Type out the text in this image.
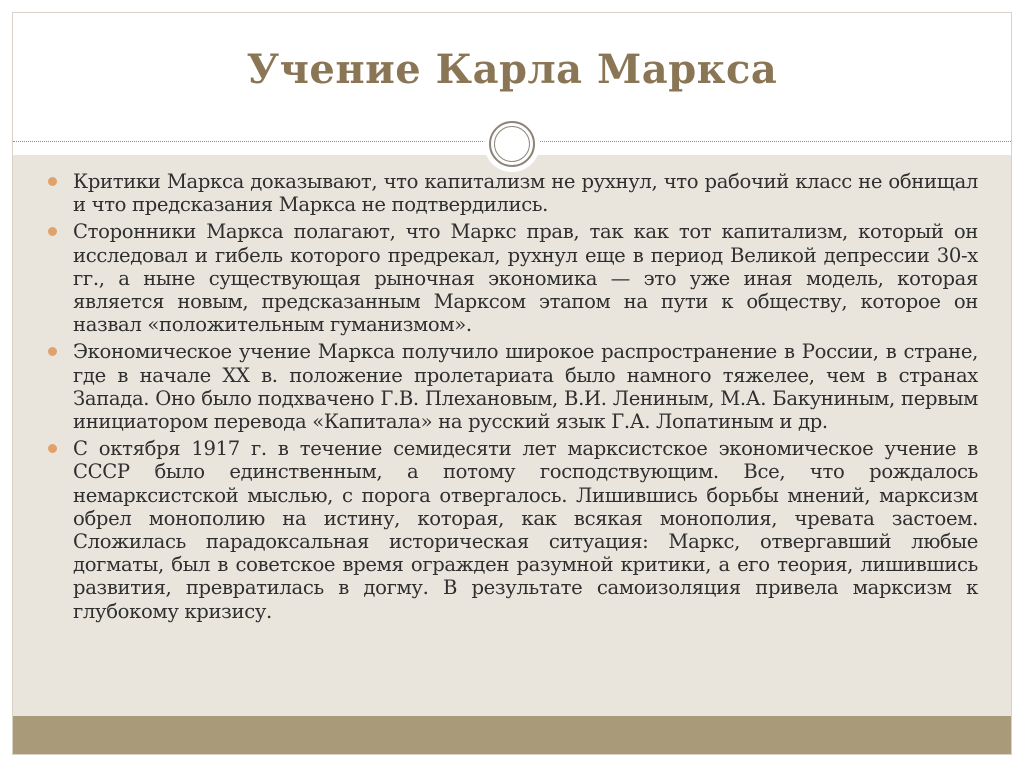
Учение Карла Маркса
Критики Маркса доказывают, что капитализм не рухнул, что рабочий класс не обнищал и что предсказания Маркса не подтвердились.
Сторонники Маркса полагают, что Маркс прав, так как тот капитализм, который он исследовал и гибель которого предрекал, рухнул еще в период Великой депрессии 30-х гг., а ныне существующая рыночная экономика — это уже иная модель, которая является новым, предсказанным Марксом этапом на пути к обществу, которое он назвал «положительным гуманизмом».
Экономическое учение Маркса получило широкое распространение в России, в стране, где в начале XX в. положение пролетариата было намного тяжелее, чем в странах Запада. Оно было подхвачено Г.В. Плехановым, В.И. Лениным, М.А. Бакуниным, первым инициатором перевода «Капитала» на русский язык Г.А. Лопатиным и др.
С октября 1917 г. в течение семидесяти лет марксистское экономическое учение в СССР было единственным, а потому господствующим. Все, что рождалось немарксистской мыслью, с порога отвергалось. Лишившись борьбы мнений, марксизм обрел монополию на истину, которая, как всякая монополия, чревата застоем. Сложилась парадоксальная историческая ситуация: Маркс, отвергавший любые догматы, был в советское время огражден разумной критики, а его теория, лишившись развития, превратилась в догму. В результате самоизоляция привела марксизм к глубокому кризису.
